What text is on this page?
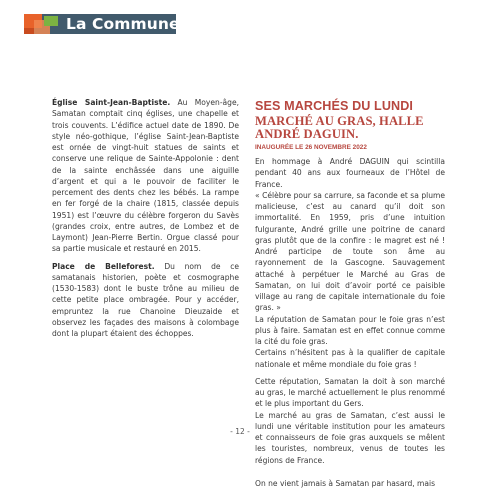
La Commune

Église Saint-Jean-Baptiste. Au Moyen-âge, Samatan comptait cinq églises, une chapelle et trois couvents. L’édifice actuel date de 1890. De style néo-gothique, l’église Saint-Jean-Baptiste est ornée de vingt-huit statues de saints et conserve une relique de Sainte-Appolonie : dent de la sainte enchâssée dans une aiguille d’argent et qui a le pouvoir de faciliter le percement des dents chez les bébés. La rampe en fer forgé de la chaire (1815, classée depuis 1951) est l’œuvre du célèbre forgeron du Savès (grandes croix, entre autres, de Lombez et de Laymont) Jean-Pierre Bertin. Orgue classé pour sa partie musicale et restauré en 2015.

Place de Belleforest. Du nom de ce samatanais historien, poète et cosmographe (1530-1583) dont le buste trône au milieu de cette petite place ombragée. Pour y accéder, empruntez la rue Chanoine Dieuzaide et observez les façades des maisons à colombage dont la plupart étaient des échoppes.

SES MARCHÉS DU LUNDI
MARCHÉ AU GRAS, HALLE ANDRÉ DAGUIN.
INAUGURÉE LE 26 NOVEMBRE 2022

En hommage à André DAGUIN qui scintilla pendant 40 ans aux fourneaux de l’Hôtel de France.

« Célèbre pour sa carrure, sa faconde et sa plume malicieuse, c’est au canard qu’il doit son immortalité. En 1959, pris d’une intuition fulgurante, André grille une poitrine de canard gras plutôt que de la confire : le magret est né ! André participe de toute son âme au rayonnement de la Gascogne. Sauvagement attaché à perpétuer le Marché au Gras de Samatan, on lui doit d’avoir porté ce paisible village au rang de capitale internationale du foie gras. »

La réputation de Samatan pour le foie gras n’est plus à faire. Samatan est en effet connue comme la cité du foie gras.

Certains n’hésitent pas à la qualifier de capitale nationale et même mondiale du foie gras !

Cette réputation, Samatan la doit à son marché au gras, le marché actuellement le plus renommé et le plus important du Gers.

Le marché au gras de Samatan, c’est aussi le lundi une véritable institution pour les amateurs et connaisseurs de foie gras auxquels se mêlent les touristes, nombreux, venus de toutes les régions de France.

On ne vient jamais à Samatan par hasard, mais

- 12 -
